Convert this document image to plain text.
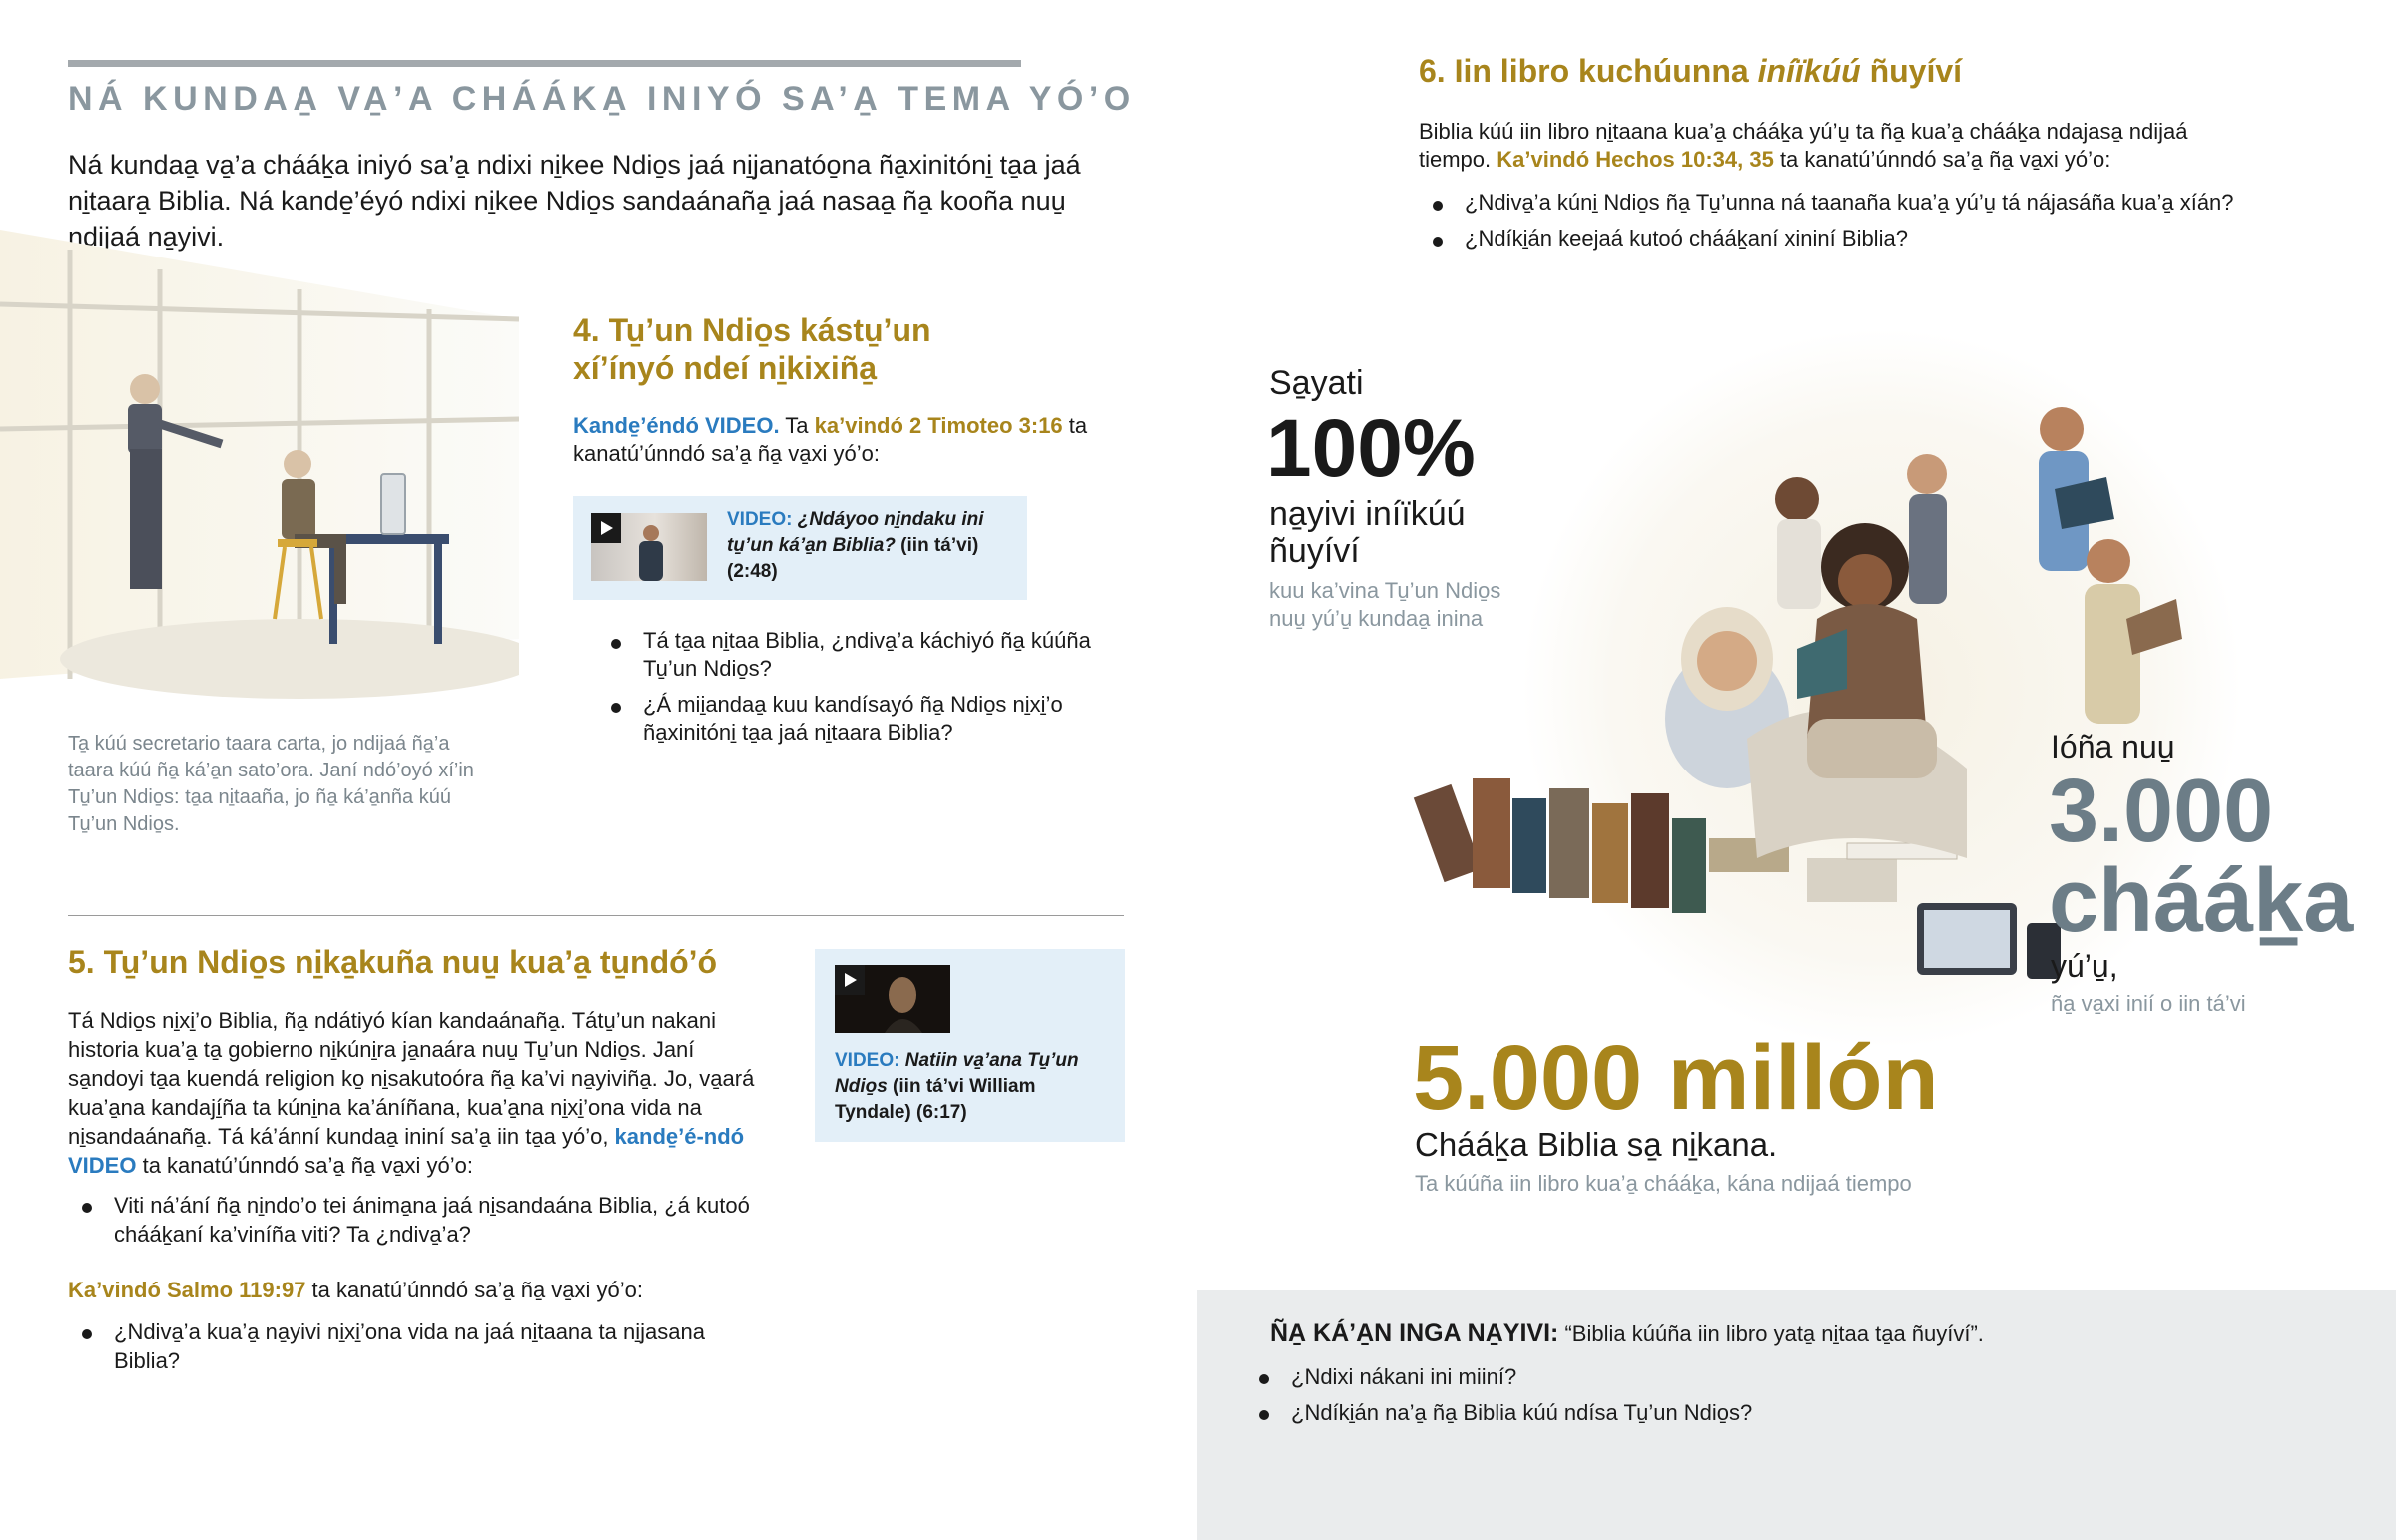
NÁ KUNDAA̱ VA̱’A CHÁÁKA̱ INIYÓ SA’A̱ TEMA YÓ’O
Ná kundaa̱ va̱’a cháák̠a iniyó sa’a̱ ndixi ni̱kee Ndio̱s jaá ni̱janatóo̱na ña̱xinitóni̱ ta̱a jaá ni̱taara̱ Biblia. Ná kande̱’éyó ndixi ni̱kee Ndio̱s sandaánaña̱ jaá nasaa̱ ña̱ kooña nuu̱ ndijaá na̱yivi.
Ta̱ kúú secretario taara carta, jo ndijaá ña̱’a taara kúú ña̱ ká’a̱n sato’ora. Janí ndó’oyó xí’in Tu̱’un Ndio̱s: ta̱a ni̱taaña, jo ña̱ ká’a̱nña kúú Tu̱’un Ndio̱s.
4. Tu̱’un Ndio̱s kástu̱’un xí’ínyó ndeí ni̱kixiña̱
Kande̱’éndó VIDEO. Ta ka’vindó 2 Timoteo 3:16 ta kanatú’únndó sa’a̱ ña̱ va̱xi yó’o:
VIDEO: ¿Ndáyoo ni̱ndaku ini tu̱’un ká’a̱n Biblia? (iin tá’vi) (2:48)
Tá ta̱a ni̱taa Biblia, ¿ndiva̱’a káchiyó ña̱ kúúña Tu̱’un Ndio̱s?
¿Á mii̱andaa̱ kuu kandísayó ña̱ Ndio̱s ni̱xi̱’o ña̱xinitóni̱ ta̱a jaá ni̱taara Biblia?
5. Tu̱’un Ndio̱s ni̱ka̱kuña nuu̱ kua’a̱ tu̱ndó’ó
Tá Ndio̱s ni̱xi̱’o Biblia, ña̱ ndátiyó kían kandaánaña̱. Tátu̱’un nakani historia kua’a̱ ta̱ gobierno ni̱kúni̱ra ja̱naára nuu̱ Tu̱’un Ndio̱s. Janí sa̱ndoyi ta̱a kuendá religion ko̱ ni̱sakutoóra ña̱ ka’vi na̱yiviña̱. Jo, va̱ará kua’a̱na kandají̱ña ta kúni̱na ka’áníñana, kua’a̱na ni̱xi̱’ona vida na ni̱sandaánaña̱. Tá ká’ánní kundaa̱ ininí sa’a̱ iin ta̱a yó’o, kande̱’é-ndó VIDEO ta kanatú’únndó sa’a̱ ña̱ va̱xi yó’o:
VIDEO: Natiin va̱’ana Tu̱’un Ndio̱s (iin tá’vi William Tyndale) (6:17)
Viti ná’ání ña̱ ni̱ndo’o tei ánima̱na jaá ni̱sandaána Biblia, ¿á kutoó cháák̠aní ka’viníña viti? Ta ¿ndiva̱’a?
Ka’vindó Salmo 119:97 ta kanatú’únndó sa’a̱ ña̱ va̱xi yó’o:
¿Ndiva̱’a kua’a̱ na̱yivi ni̱xi̱’ona vida na jaá ni̱taana ta ni̱jasana Biblia?
6. Iin libro kuchúunna iníïkúú ñuyíví
Biblia kúú iin libro ni̱taana kua’a̱ cháák̠a yú’u̱ ta ña̱ kua’a̱ cháák̠a ndajasa̱ ndijaá tiempo. Ka’vindó Hechos 10:34, 35 ta kanatú’únndó sa’a̱ ña̱ va̱xi yó’o:
¿Ndiva̱’a kúni̱ Ndio̱s ña̱ Tu̱’unna ná taanaña kua’a̱ yú’u̱ tá nájasáña kua’a̱ xíán?
¿Ndíki̱án keejaá kutoó cháák̠aní xininí Biblia?
Sa̱yati
100%
na̱yivi iníïkúú ñuyíví
kuu ka’vina Tu̱’un Ndio̱s nuu̱ yú’u̱ kundaa̱ inina
Ióña nuu̱
3.000
cháák̠a
yú’u̱,
ña̱ va̱xi inií o iin tá’vi
5.000 millón
Cháák̠a Biblia sa̱ ni̱kana.
Ta kúúña iin libro kua’a̱ cháák̠a, kána ndijaá tiempo
ÑA̱ KÁ’A̱N INGA NA̱YIVI: “Biblia kúúña iin libro yata̱ ni̱taa ta̱a ñuyíví”.
¿Ndixi nákani ini miiní?
¿Ndíki̱án na’a̱ ña̱ Biblia kúú ndísa Tu̱’un Ndio̱s?
